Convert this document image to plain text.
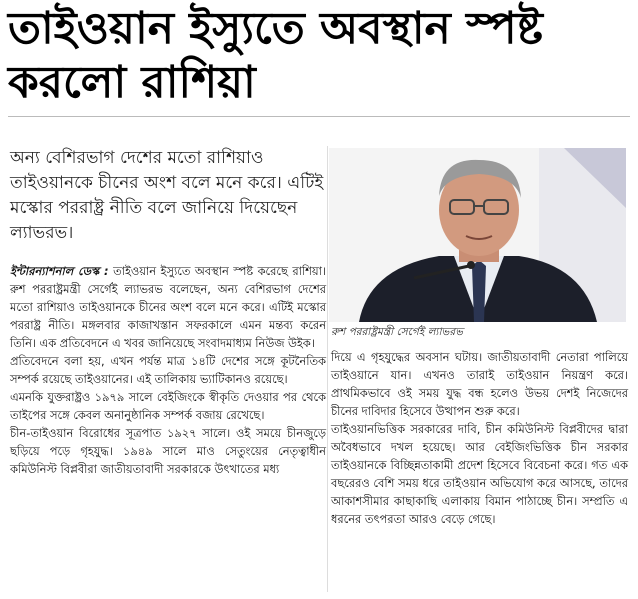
তাইওয়ান ইস্যুতে অবস্থান স্পষ্ট করলো রাশিয়া

অন্য বেশিরভাগ দেশের মতো রাশিয়াও তাইওয়ানকে চীনের অংশ বলে মনে করে। এটিই মস্কোর পররাষ্ট্র নীতি বলে জানিয়ে দিয়েছেন ল্যাভরভ।

ইন্টারন্যাশনাল ডেস্ক : তাইওয়ান ইস্যুতে অবস্থান স্পষ্ট করেছে রাশিয়া। রুশ পররাষ্ট্রমন্ত্রী সের্গেই ল্যাভরভ বলেছেন, অন্য বেশিরভাগ দেশের মতো রাশিয়াও তাইওয়ানকে চীনের অংশ বলে মনে করে। এটিই মস্কোর পররাষ্ট্র নীতি। মঙ্গলবার কাজাখস্তান সফরকালে এমন মন্তব্য করেন তিনি। এক প্রতিবেদনে এ খবর জানিয়েছে সংবাদমাধ্যম নিউজ উইক।

প্রতিবেদনে বলা হয়, এখন পর্যন্ত মাত্র ১৪টি দেশের সঙ্গে কূটনৈতিক সম্পর্ক রয়েছে তাইওয়ানের। এই তালিকায় ভ্যাটিকানও রয়েছে।

এমনকি যুক্তরাষ্ট্রও ১৯৭৯ সালে বেইজিংকে স্বীকৃতি দেওয়ার পর থেকে তাইপের সঙ্গে কেবল অনানুষ্ঠানিক সম্পর্ক বজায় রেখেছে।

চীন-তাইওয়ান বিরোধের সূত্রপাত ১৯২৭ সালে। ওই সময়ে চীনজুড়ে ছড়িয়ে পড়ে গৃহযুদ্ধ। ১৯৪৯ সালে মাও সেতুংয়ের নেতৃত্বাধীন কমিউনিস্ট বিপ্লবীরা জাতীয়তাবাদী সরকারকে উৎখাতের মধ্য

রুশ পররাষ্ট্রমন্ত্রী সের্গেই ল্যাভরভ

দিয়ে এ গৃহযুদ্ধের অবসান ঘটায়। জাতীয়তাবাদী নেতারা পালিয়ে তাইওয়ানে যান। এখনও তারাই তাইওয়ান নিয়ন্ত্রণ করে। প্রাথমিকভাবে ওই সময় যুদ্ধ বন্ধ হলেও উভয় দেশই নিজেদের চীনের দাবিদার হিসেবে উত্থাপন শুরু করে।

তাইওয়ানভিত্তিক সরকারের দাবি, চীন কমিউনিস্ট বিপ্লবীদের দ্বারা অবৈধভাবে দখল হয়েছে। আর বেইজিংভিত্তিক চীন সরকার তাইওয়ানকে বিচ্ছিন্নতাকামী প্রদেশ হিসেবে বিবেচনা করে। গত এক বছরেরও বেশি সময় ধরে তাইওয়ান অভিযোগ করে আসছে, তাদের আকাশসীমার কাছাকাছি এলাকায় বিমান পাঠাচ্ছে চীন। সম্প্রতি এ ধরনের তৎপরতা আরও বেড়ে গেছে।
